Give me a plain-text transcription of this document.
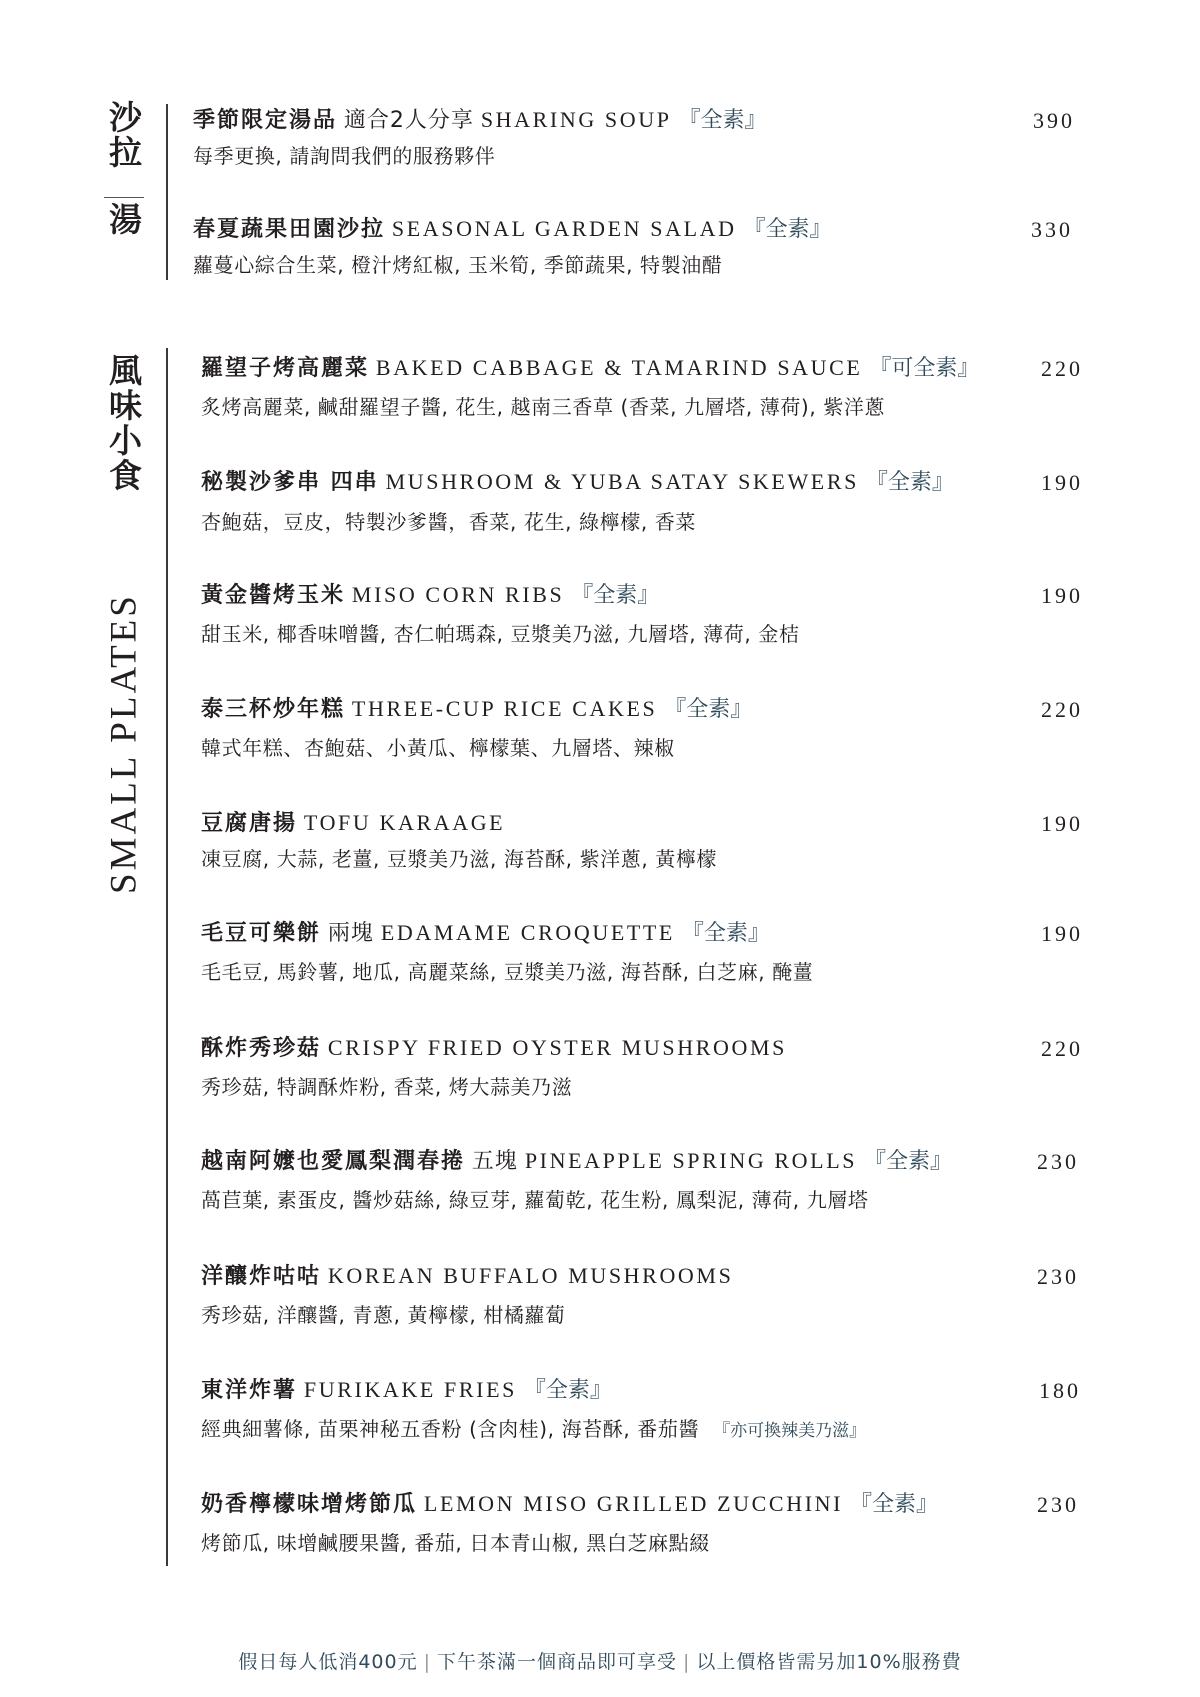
沙拉
湯
季節限定湯品 適合2人分享 SHARING SOUP 『全素』
每季更換, 請詢問我們的服務夥伴
390
春夏蔬果田園沙拉 SEASONAL GARDEN SALAD 『全素』
蘿蔓心綜合生菜, 橙汁烤紅椒, 玉米筍, 季節蔬果, 特製油醋
330
風味小食
SMALL PLATES
羅望子烤高麗菜 BAKED CABBAGE & TAMARIND SAUCE 『可全素』
炙烤高麗菜, 鹹甜羅望子醬, 花生, 越南三香草 (香菜, 九層塔, 薄荷), 紫洋蔥
220
秘製沙爹串 四串 MUSHROOM & YUBA SATAY SKEWERS 『全素』
杏鮑菇，豆皮，特製沙爹醬，香菜, 花生, 綠檸檬, 香菜
190
黃金醬烤玉米 MISO CORN RIBS 『全素』
甜玉米, 椰香味噌醬, 杏仁帕瑪森, 豆漿美乃滋, 九層塔, 薄荷, 金桔
190
泰三杯炒年糕 THREE-CUP RICE CAKES 『全素』
韓式年糕、杏鮑菇、小黃瓜、檸檬葉、九層塔、辣椒
220
豆腐唐揚 TOFU KARAAGE
凍豆腐, 大蒜, 老薑, 豆漿美乃滋, 海苔酥, 紫洋蔥, 黃檸檬
190
毛豆可樂餅 兩塊 EDAMAME CROQUETTE 『全素』
毛毛豆, 馬鈴薯, 地瓜, 高麗菜絲, 豆漿美乃滋, 海苔酥, 白芝麻, 醃薑
190
酥炸秀珍菇 CRISPY FRIED OYSTER MUSHROOMS
秀珍菇, 特調酥炸粉, 香菜, 烤大蒜美乃滋
220
越南阿嬤也愛鳳梨潤春捲 五塊 PINEAPPLE SPRING ROLLS 『全素』
萵苣葉, 素蛋皮, 醬炒菇絲, 綠豆芽, 蘿蔔乾, 花生粉, 鳳梨泥, 薄荷, 九層塔
230
洋釀炸咕咕 KOREAN BUFFALO MUSHROOMS
秀珍菇, 洋釀醬, 青蔥, 黃檸檬, 柑橘蘿蔔
230
東洋炸薯 FURIKAKE FRIES 『全素』
經典細薯條, 苗栗神秘五香粉 (含肉桂), 海苔酥, 番茄醬 『亦可換辣美乃滋』
180
奶香檸檬味增烤節瓜 LEMON MISO GRILLED ZUCCHINI 『全素』
烤節瓜, 味增鹹腰果醬, 番茄, 日本青山椒, 黑白芝麻點綴
230
假日每人低消400元 | 下午茶滿一個商品即可享受 | 以上價格皆需另加10%服務費
